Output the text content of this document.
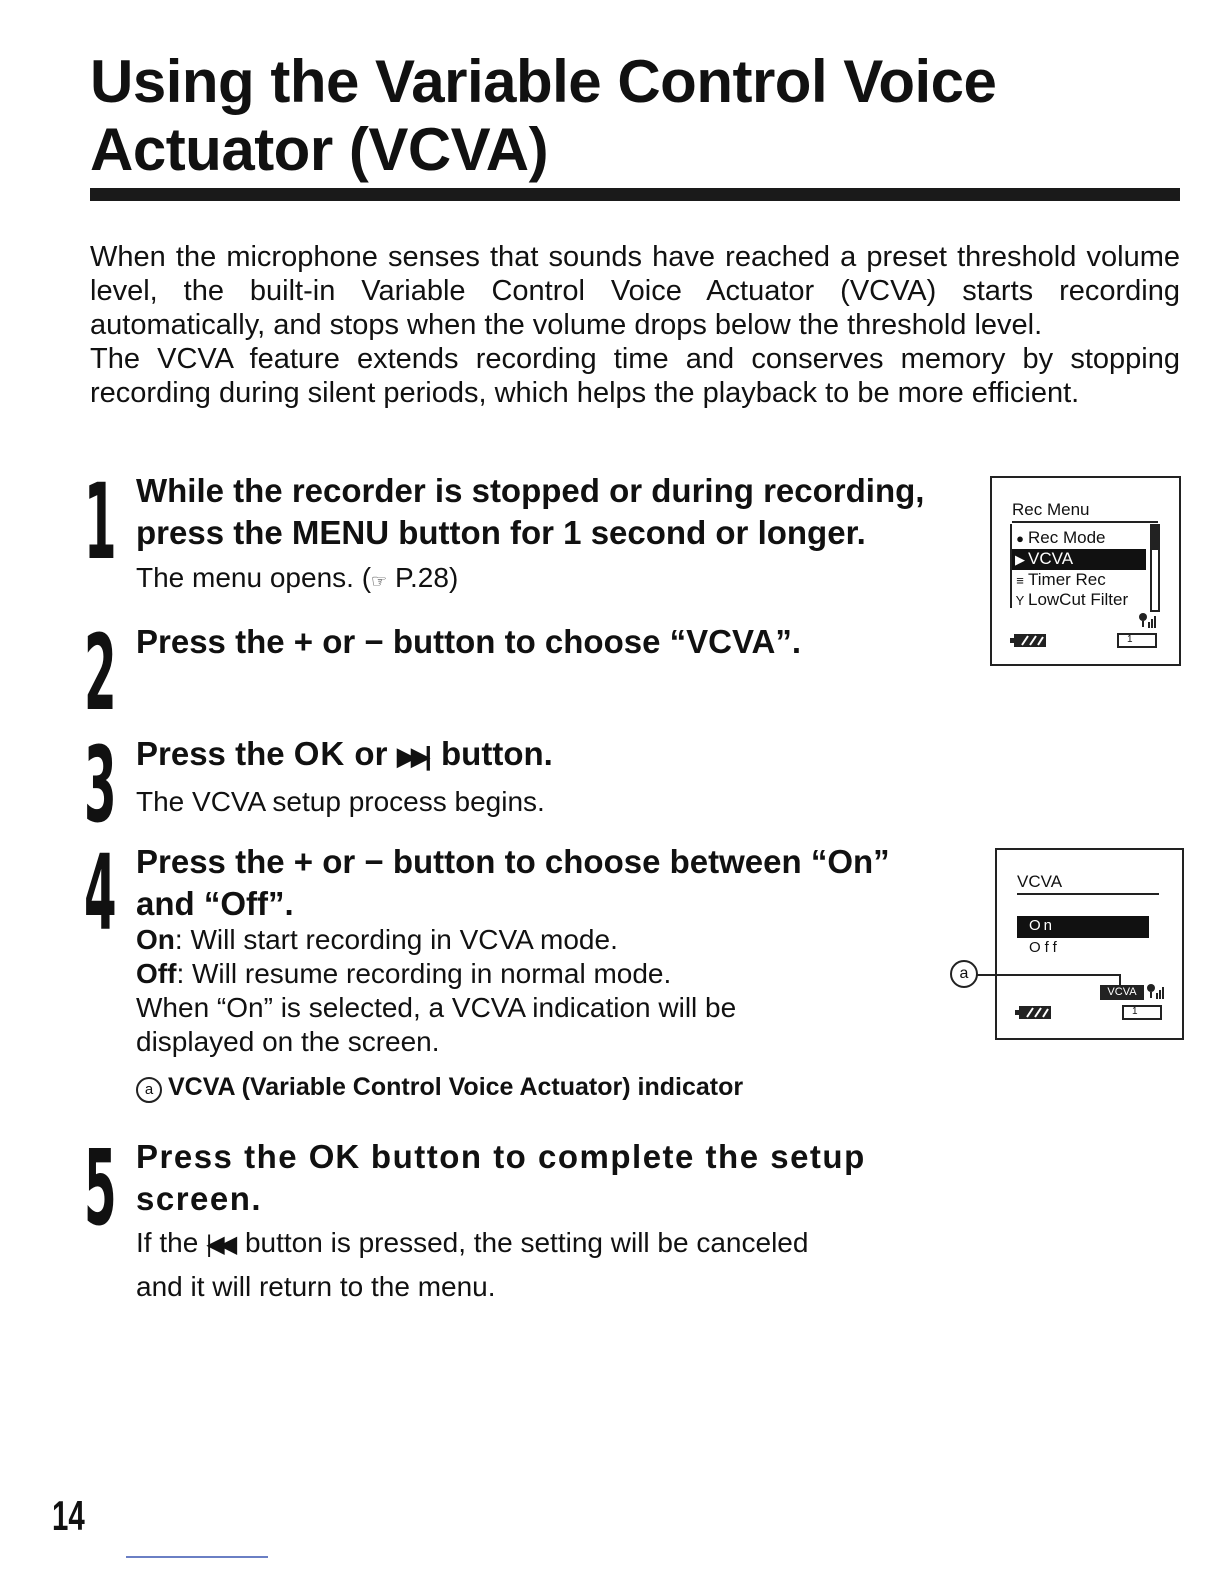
Using the Variable Control Voice
Actuator (VCVA)

When the microphone senses that sounds have reached a preset threshold volume level, the built-in Variable Control Voice Actuator (VCVA) starts recording automatically, and stops when the volume drops below the threshold level.

The VCVA feature extends recording time and conserves memory by stopping recording during silent periods, which helps the playback to be more efficient.

1 While the recorder is stopped or during recording,
press the MENU button for 1 second or longer.
The menu opens. (☞ P.28)
Rec Menu
● Rec Mode
▶ VCVA
≡ Timer Rec
Y LowCut Filter
1
2 Press the + or − button to choose “VCVA”.
3 Press the OK or ▶▶| button.
The VCVA setup process begins.
4 Press the + or − button to choose between “On”
and “Off”.

On: Will start recording in VCVA mode.

Off: Will resume recording in normal mode.

When “On” is selected, a VCVA indication will be

displayed on the screen.

VCVA
On
Off
VCVA
1
a
a VCVA (Variable Control Voice Actuator) indicator
5 Press the OK button to complete the setup
screen.

If the |◀◀ button is pressed, the setting will be canceled

and it will return to the menu.

14
